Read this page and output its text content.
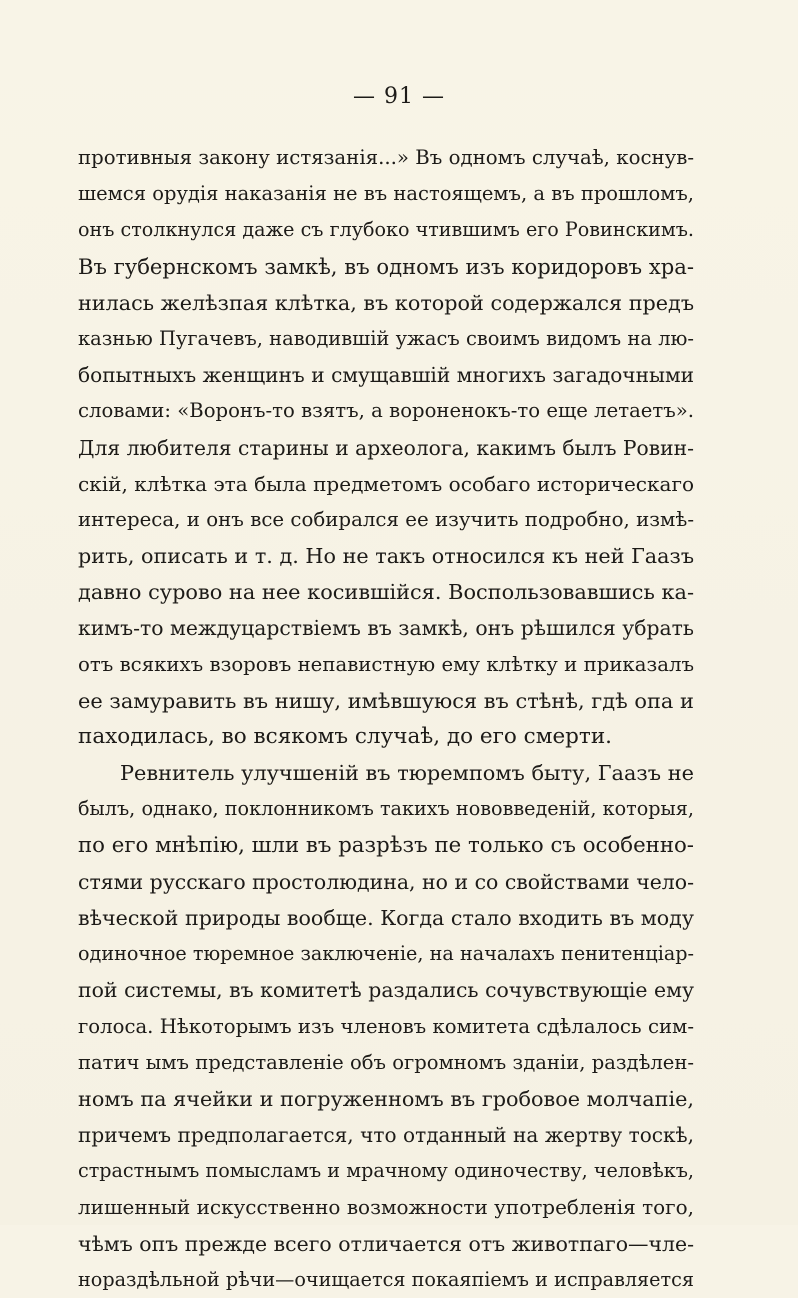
— 91 —
противныя закону истязанія...» Въ одномъ случаѣ, коснув-
шемся орудія наказанія не въ настоящемъ, а въ прошломъ,
онъ столкнулся даже съ глубоко чтившимъ его Ровинскимъ.
Въ губернскомъ замкѣ, въ одномъ изъ коридоровъ хра-
нилась желѣзпая клѣтка, въ которой содержался предъ
казнью Пугачевъ, наводившій ужасъ своимъ видомъ на лю-
бопытныхъ женщинъ и смущавшій многихъ загадочными
словами: «Воронъ-то взятъ, а вороненокъ-то еще летаетъ».
Для любителя старины и археолога, какимъ былъ Ровин-
скій, клѣтка эта была предметомъ особаго историческаго
интереса, и онъ все собирался ее изучить подробно, измѣ-
рить, описать и т. д. Но не такъ относился къ ней Гаазъ
давно сурово на нее косившійся. Воспользовавшись ка-
кимъ-то междуцарствіемъ въ замкѣ, онъ рѣшился убрать
отъ всякихъ взоровъ непавистную ему клѣтку и приказалъ
ее замуравить въ нишу, имѣвшуюся въ стѣнѣ, гдѣ опа и
паходилась, во всякомъ случаѣ, до его смерти.
Ревнитель улучшеній въ тюремпомъ быту, Гаазъ не
былъ, однако, поклонникомъ такихъ нововведеній, которыя,
по его мнѣпію, шли въ разрѣзъ пе только съ особенно-
стями русскаго простолюдина, но и со свойствами чело-
вѣческой природы вообще. Когда стало входить въ моду
одиночное тюремное заключеніе, на началахъ пенитенціар-
пой системы, въ комитетѣ раздались сочувствующіе ему
голоса. Нѣкоторымъ изъ членовъ комитета сдѣлалось сим-
патич ымъ представленіе объ огромномъ зданіи, раздѣлен-
номъ па ячейки и погруженномъ въ гробовое молчапіе,
причемъ предполагается, что отданный на жертву тоскѣ,
страстнымъ помысламъ и мрачному одиночеству, человѣкъ,
лишенный искусственно возможности употребленія того,
чѣмъ опъ прежде всего отличается отъ животпаго—чле-
нораздѣльной рѣчи—очищается покаяпіемъ и исправляется
